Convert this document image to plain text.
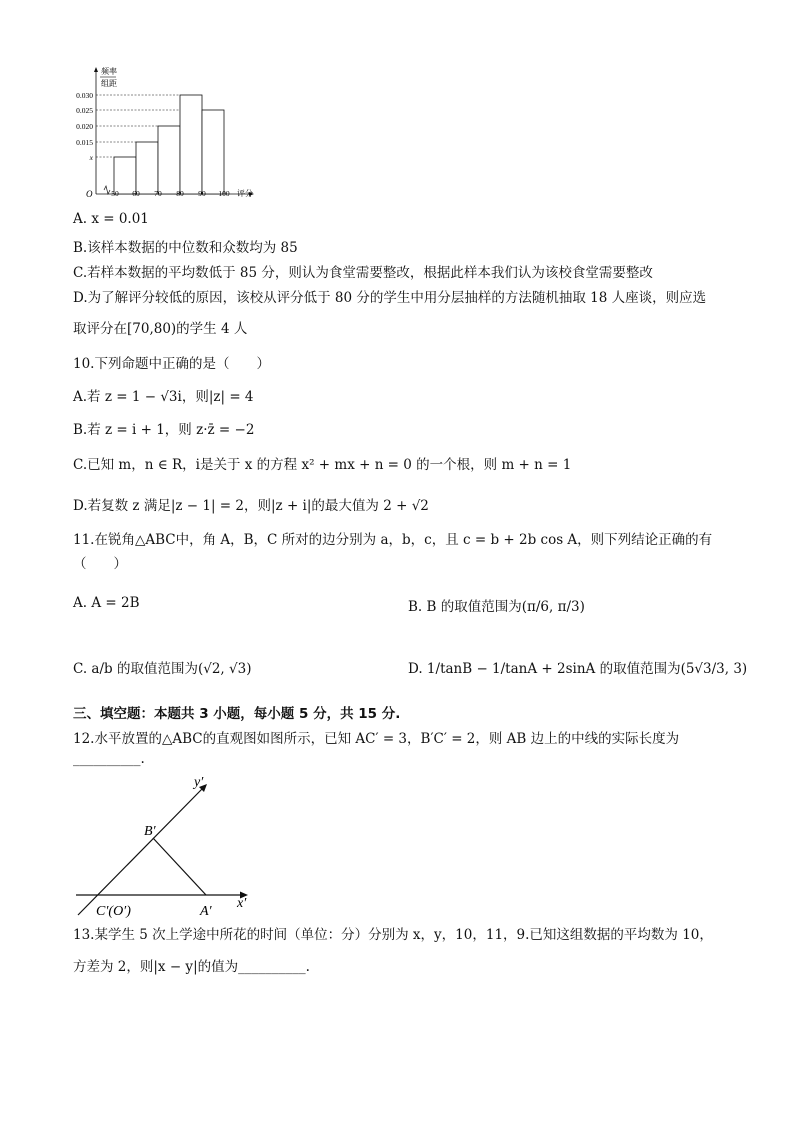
频率
组距
O
0.030
0.025
0.020
0.015
x
50 60 70 80 90 100 评分
A. x = 0.01
B.该样本数据的中位数和众数均为 85
C.若样本数据的平均数低于 85 分，则认为食堂需要整改，根据此样本我们认为该校食堂需要整改
D.为了解评分较低的原因，该校从评分低于 80 分的学生中用分层抽样的方法随机抽取 18 人座谈，则应选
取评分在[70,80)的学生 4 人
10.下列命题中正确的是（　　）
A.若 z = 1 − √3i，则|z| = 4
B.若 z = i + 1，则 z·z̄ = −2
C.已知 m，n ∈ R，i是关于 x 的方程 x² + mx + n = 0 的一个根，则 m + n = 1
D.若复数 z 满足|z − 1| = 2，则|z + i|的最大值为 2 + √2
11.在锐角△ABC中，角 A，B，C 所对的边分别为 a，b，c，且 c = b + 2b cos A，则下列结论正确的有
（　　）
A. A = 2B	B. B 的取值范围为(π/6, π/3)
C. a/b 的取值范围为(√2, √3)	D. 1/tanB − 1/tanA + 2sinA 的取值范围为(5√3/3, 3)
三、填空题：本题共 3 小题，每小题 5 分，共 15 分.
12.水平放置的△ABC的直观图如图所示，已知 AC′ = 3，B′C′ = 2，则 AB 边上的中线的实际长度为
__________.
y′
x′
B′
A′
C′(O′)
13.某学生 5 次上学途中所花的时间（单位：分）分别为 x，y，10，11，9.已知这组数据的平均数为 10，
方差为 2，则|x − y|的值为__________.
